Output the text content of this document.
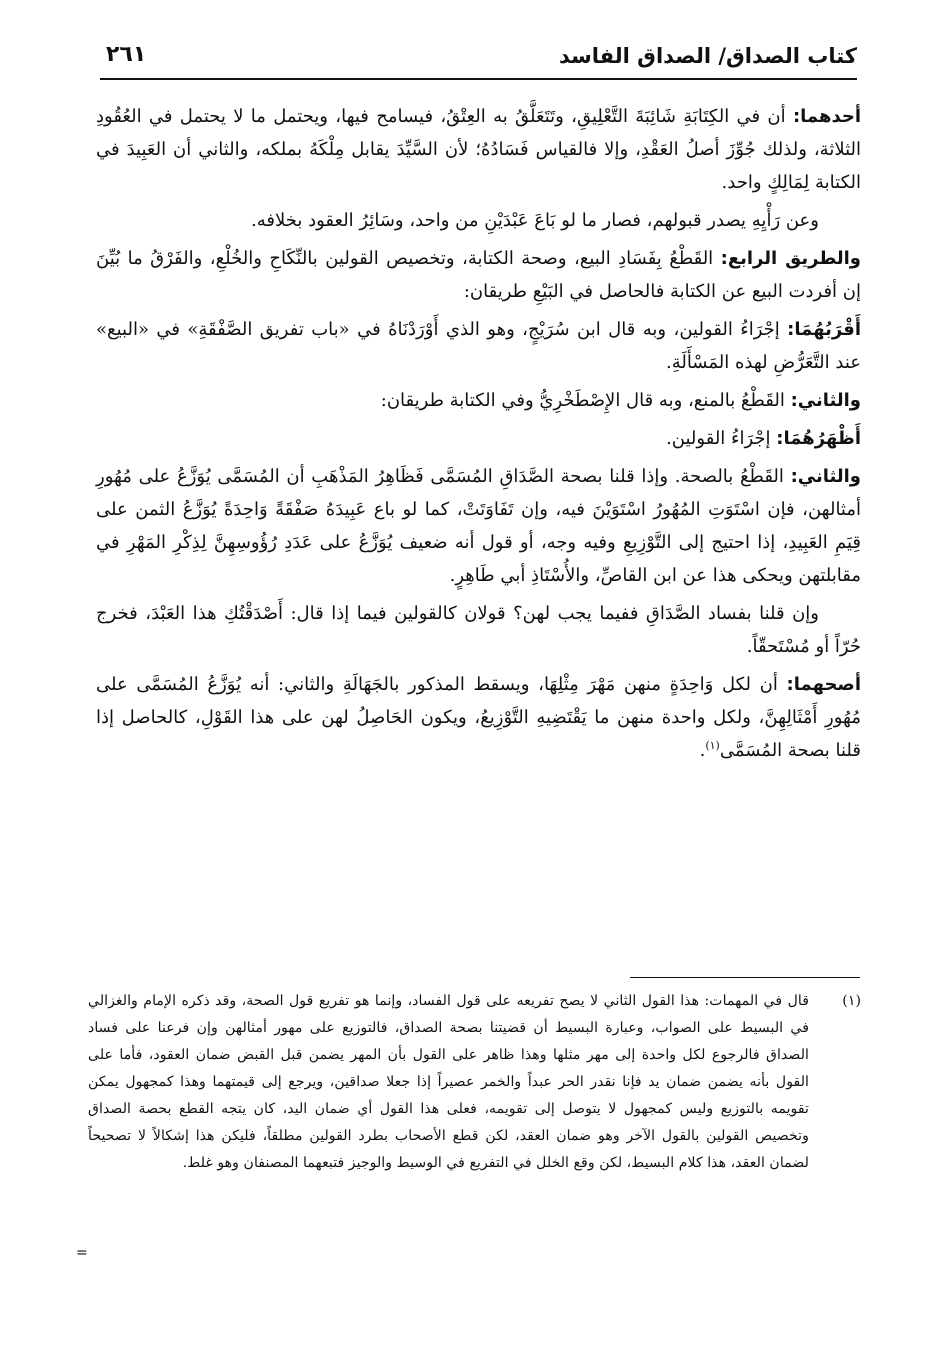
كتاب الصداق/ الصداق الفاسد
٢٦١

أحدهما: أن في الكِتَابَةِ شَائِبَةَ التَّعْلِيقِ، وتَتَعَلَّقُ به العِتْقُ، فيسامح فيها، ويحتمل ما لا يحتمل في العُقُودِ الثلاثة، ولذلك جُوِّزَ أصلُ العَقْدِ، وإلا فالقياس فَسَادُهُ؛ لأن السَّيِّدَ يقابل مِلْكَهُ بملكه، والثاني أن العَبِيدَ في الكتابة لِمَالِكٍ واحد.

وعن رَأْيِهِ يصدر قبولهم، فصار ما لو بَاعَ عَبْدَيْنِ من واحد، وسَائِرُ العقود بخلافه.

والطريق الرابع: القَطْعُ بِفَسَادِ البيع، وصحة الكتابة، وتخصيص القولين بالنِّكَاحِ والخُلْعِ، والفَرْقُ ما بُيِّنَ إن أفردت البيع عن الكتابة فالحاصل في البَيْعِ طريقان:

أَقْرَبُهُمَا: إجْرَاءُ القولين، وبه قال ابن سُرَيْجٍ، وهو الذي أَوْرَدْنَاهُ في «باب تفريق الصَّفْقَةِ» في «البيع» عند التَّعَرُّضِ لهذه المَسْأَلَةِ.

والثاني: القَطْعُ بالمنع، وبه قال الإِصْطَخْرِيُّ وفي الكتابة طريقان:

أَظْهَرُهُمَا: إجْرَاءُ القولين.

والثاني: القَطْعُ بالصحة. وإذا قلنا بصحة الصَّدَاقِ المُسَمَّى فَظَاهِرُ المَذْهَبِ أن المُسَمَّى يُوَزَّعُ على مُهُورِ أمثالهن، فإن اسْتَوَتِ المُهُورُ اسْتَوَيْنَ فيه، وإن تَفَاوَتَتْ، كما لو باع عَبِيدَهُ صَفْقَةً وَاحِدَةً يُوَزَّعُ الثمن على قِيَمِ العَبِيدِ، إذا احتيج إلى التَّوْزِيعِ وفيه وجه، أو قول أنه ضعيف يُوَزَّعُ على عَدَدِ رُؤُوسِهِنَّ لِذِكْرِ المَهْرِ في مقابلتهن ويحكى هذا عن ابن القاصِّ، والأُسْتَاذِ أبي طَاهِرٍ.

وإن قلنا بفساد الصَّدَاقِ ففيما يجب لهن؟ قولان كالقولين فيما إذا قال: أَصْدَقْتُكِ هذا العَبْدَ، فخرج حُرّاً أو مُسْتَحقّاً.

أصحهما: أن لكل وَاحِدَةٍ منهن مَهْرَ مِثْلِهَا، ويسقط المذكور بالجَهَالَةِ والثاني: أنه يُوَزَّعُ المُسَمَّى على مُهُورِ أَمْثَالِهِنَّ، ولكل واحدة منهن ما يَقْتَضِيهِ التَّوْزِيعُ، ويكون الحَاصِلُ لهن على هذا القَوْلِ، كالحاصل إذا قلنا بصحة المُسَمَّى$^{(١)}$.

(١)
قال في المهمات: هذا القول الثاني لا يصح تفريعه على قول الفساد، وإنما هو تفريع قول الصحة، وقد ذكره الإمام والغزالي في البسيط على الصواب، وعبارة البسيط أن قضيتنا بصحة الصداق، فالتوزيع على مهور أمثالهن وإن فرعنا على فساد الصداق فالرجوع لكل واحدة إلى مهر مثلها وهذا ظاهر على القول بأن المهر يضمن قبل القبض ضمان العقود، فأما على القول بأنه يضمن ضمان يد فإنا نقدر الحر عبداً والخمر عصيراً إذا جعلا صداقين، ويرجع إلى قيمتهما وهذا كمجهول يمكن تقويمه بالتوزيع وليس كمجهول لا يتوصل إلى تقويمه، فعلى هذا القول أي ضمان اليد، كان يتجه القطع بحصة الصداق وتخصيص القولين بالقول الآخر وهو ضمان العقد، لكن قطع الأصحاب بطرد القولين مطلقاً، فليكن هذا إشكالاً لا تصحيحاً لضمان العقد، هذا كلام البسيط، لكن وقع الخلل في التفريع في الوسيط والوجيز فتبعهما المصنفان وهو غلط.
=
